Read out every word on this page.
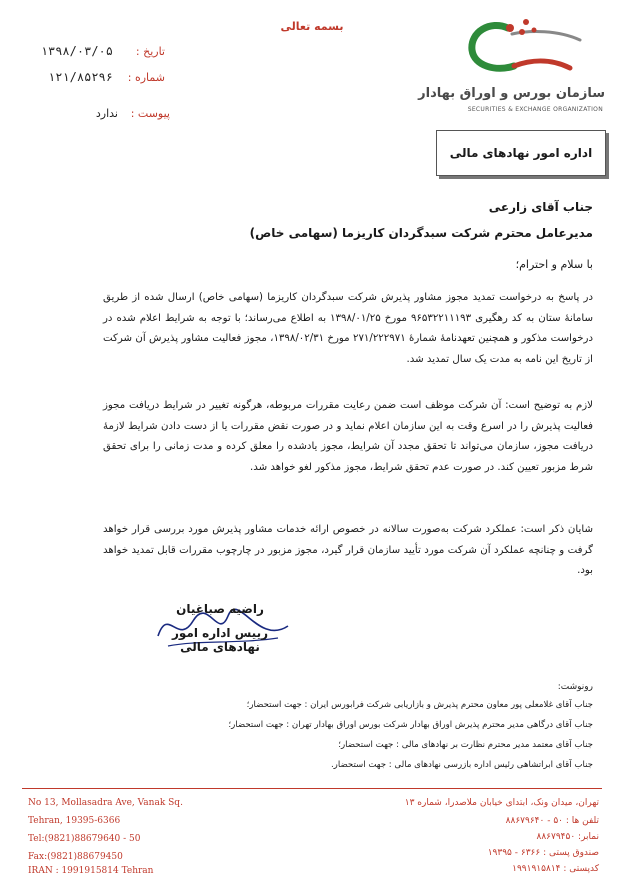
بسمه تعالی
سازمان بورس و اوراق بهادار
SECURITIES & EXCHANGE ORGANIZATION
تاریخ :
۱۳۹۸/۰۳/۰۵
شماره :
۱۲۱/۸۵۲۹۶
پیوست :
ندارد
اداره امور نهادهای مالی
جناب آقای زارعی
مدیرعامل محترم شرکت سبدگردان کاریزما (سهامی خاص)
با سلام و احترام؛
در پاسخ به درخواست تمدید مجوز مشاور پذیرش شرکت سبدگردان کاریزما (سهامی خاص) ارسال شده از طریق سامانهٔ ستان به کد رهگیری ۹۶۵۳۲۲۱۱۱۹۳ مورخ ۱۳۹۸/۰۱/۲۵ به اطلاع می‌رساند؛ با توجه به شرایط اعلام شده در درخواست مذکور و همچنین تعهدنامهٔ شمارهٔ ۲۷۱/۲۲۲۹۷۱ مورخ ۱۳۹۸/۰۲/۳۱، مجوز فعالیت مشاور پذیرش آن شرکت از تاریخ این نامه به مدت یک سال تمدید شد.
لازم به توضیح است: آن شرکت موظف است ضمن رعایت مقررات مربوطه، هرگونه تغییر در شرایط دریافت مجوز فعالیت پذیرش را در اسرع وقت به این سازمان اعلام نماید و در صورت نقض مقررات یا از دست دادن شرایط لازمهٔ دریافت مجوز، سازمان می‌تواند تا تحقق مجدد آن شرایط، مجوز یادشده را معلق کرده و مدت زمانی را برای تحقق شرط مزبور تعیین کند. در صورت عدم تحقق شرایط، مجوز مذکور لغو خواهد شد.
شایان ذکر است: عملکرد شرکت به‌صورت سالانه در خصوص ارائه خدمات مشاور پذیرش مورد بررسی قرار خواهد گرفت و چنانچه عملکرد آن شرکت مورد تأیید سازمان قرار گیرد، مجوز مزبور در چارچوب مقررات قابل تمدید خواهد بود.
راضیه صباغیان
رییس اداره امور نهادهای مالی
رونوشت:
جناب آقای غلامعلی پور معاون محترم پذیرش و بازاریابی شرکت فرابورس ایران : جهت استحضار؛
جناب آقای درگاهی مدیر محترم پذیرش اوراق بهادار شرکت بورس اوراق بهادار تهران : جهت استحضار؛
جناب آقای معتمد مدیر محترم نظارت بر نهادهای مالی : جهت استحضار؛
جناب آقای ابراتشاهی رئیس اداره بازرسی نهادهای مالی : جهت استحضار.
No 13, Mollasadra Ave, Vanak Sq.
Tehran, 19395-6366
Tel:(9821)88679640 - 50
Fax:(9821)88679450
IRAN : 1991915814 Tehran
تهران، میدان ونک، ابتدای خیابان ملاصدرا، شماره ۱۳
تلفن ها : ۵۰ - ۸۸۶۷۹۶۴۰
نمابر: ۸۸۶۷۹۴۵۰
صندوق پستی : ۶۳۶۶ - ۱۹۳۹۵
کدپستی : ۱۹۹۱۹۱۵۸۱۴
